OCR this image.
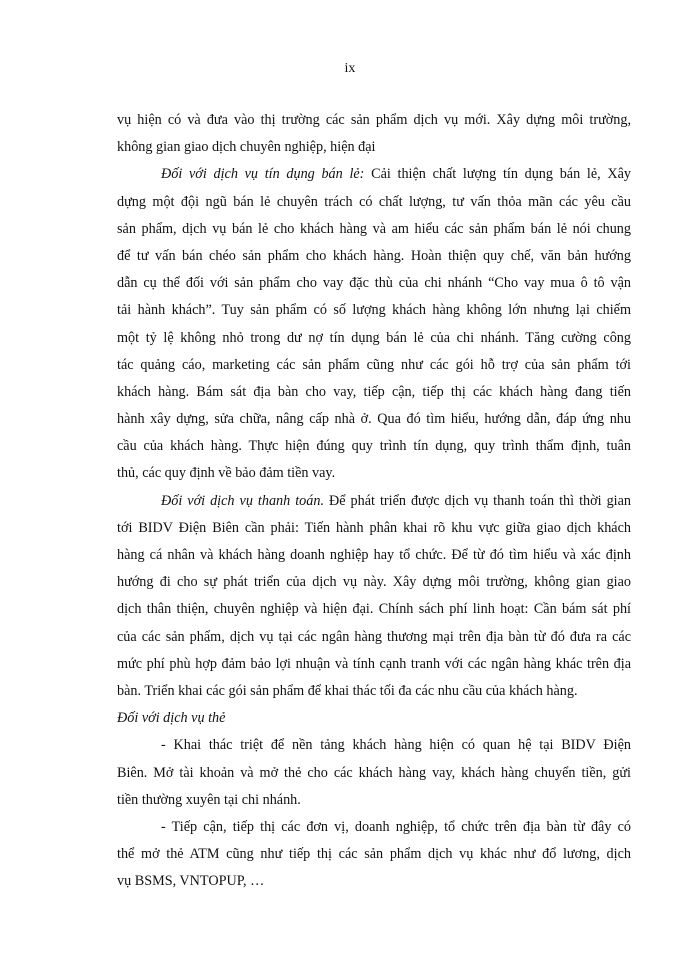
ix
vụ hiện có và đưa vào thị trường các sản phẩm dịch vụ mới. Xây dựng môi trường,
không gian giao dịch chuyên nghiệp, hiện đại
Đối với dịch vụ tín dụng bán lẻ: Cải thiện chất lượng tín dụng bán lẻ, Xây
dựng một đội ngũ bán lẻ chuyên trách có chất lượng, tư vấn thỏa mãn các yêu cầu
sản phẩm, dịch vụ bán lẻ cho khách hàng và am hiểu các sản phẩm bán lẻ nói chung
để tư vấn bán chéo sản phẩm cho khách hàng. Hoàn thiện quy chế, văn bản hướng
dẫn cụ thể đối với sản phẩm cho vay đặc thù của chi nhánh “Cho vay mua ô tô vận
tải hành khách”. Tuy sản phẩm có số lượng khách hàng không lớn nhưng lại chiếm
một tỷ lệ không nhỏ trong dư nợ tín dụng bán lẻ của chi nhánh. Tăng cường công
tác quảng cáo, marketing các sản phẩm cũng như các gói hỗ trợ của sản phẩm tới
khách hàng. Bám sát địa bàn cho vay, tiếp cận, tiếp thị các khách hàng đang tiến
hành xây dựng, sửa chữa, nâng cấp nhà ở. Qua đó tìm hiểu, hướng dẫn, đáp ứng nhu
cầu của khách hàng. Thực hiện đúng quy trình tín dụng, quy trình thẩm định, tuân
thủ, các quy định về bảo đảm tiền vay.
Đối với dịch vụ thanh toán. Để phát triển được dịch vụ thanh toán thì thời gian
tới BIDV Điện Biên cần phải: Tiến hành phân khai rõ khu vực giữa giao dịch khách
hàng cá nhân và khách hàng doanh nghiệp hay tổ chức. Để từ đó tìm hiểu và xác định
hướng đi cho sự phát triển của dịch vụ này. Xây dựng môi trường, không gian giao
dịch thân thiện, chuyên nghiệp và hiện đại. Chính sách phí linh hoạt: Cần bám sát phí
của các sản phẩm, dịch vụ tại các ngân hàng thương mại trên địa bàn từ đó đưa ra các
mức phí phù hợp đảm bảo lợi nhuận và tính cạnh tranh với các ngân hàng khác trên địa
bàn. Triển khai các gói sản phẩm để khai thác tối đa các nhu cầu của khách hàng.
Đối với dịch vụ thẻ
- Khai thác triệt để nền tảng khách hàng hiện có quan hệ tại BIDV Điện
Biên. Mở tài khoản và mở thẻ cho các khách hàng vay, khách hàng chuyển tiền, gửi
tiền thường xuyên tại chi nhánh.
- Tiếp cận, tiếp thị các đơn vị, doanh nghiệp, tổ chức trên địa bàn từ đây có
thể mở thẻ ATM cũng như tiếp thị các sản phẩm dịch vụ khác như đổ lương, dịch
vụ BSMS, VNTOPUP, …
